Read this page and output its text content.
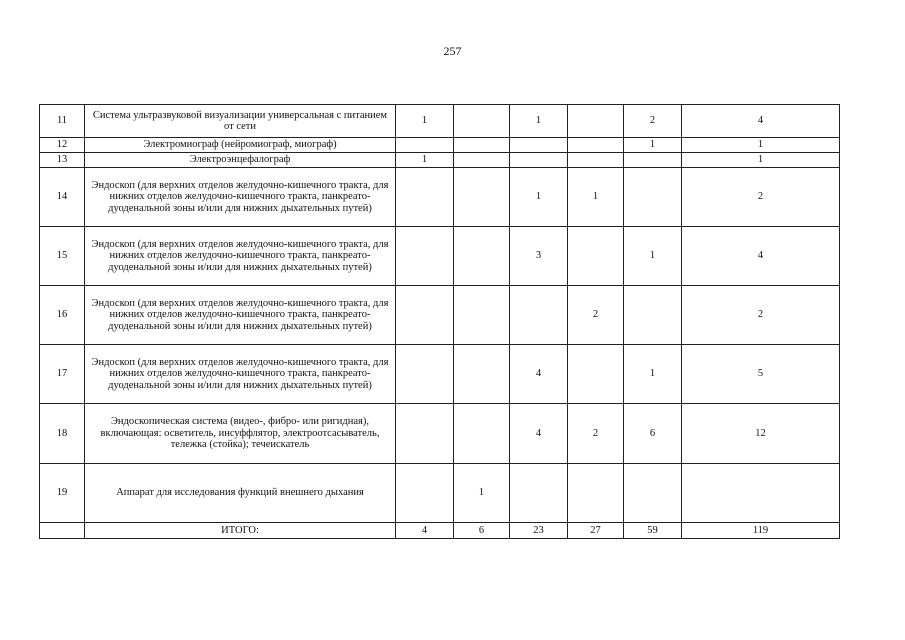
257
11	Система ультразвуковой визуализации универсальная с питанием от сети	1		1		2	4
12	Электромиограф (нейромиограф, миограф)					1	1
13	Электроэнцефалограф	1					1
14	Эндоскоп (для верхних отделов желудочно-кишечного тракта, для нижних отделов желудочно-кишечного тракта, панкреато-дуоденальной зоны и/или для нижних дыхательных путей)			1	1		2
15	Эндоскоп (для верхних отделов желудочно-кишечного тракта, для нижних отделов желудочно-кишечного тракта, панкреато-дуоденальной зоны и/или для нижних дыхательных путей)			3		1	4
16	Эндоскоп (для верхних отделов желудочно-кишечного тракта, для нижних отделов желудочно-кишечного тракта, панкреато-дуоденальной зоны и/или для нижних дыхательных путей)				2		2
17	Эндоскоп (для верхних отделов желудочно-кишечного тракта, для нижних отделов желудочно-кишечного тракта, панкреато-дуоденальной зоны и/или для нижних дыхательных путей)			4		1	5
18	Эндоскопическая система (видео-, фибро- или ригидная), включающая: осветитель, инсуффлятор, электроотсасыватель, тележка (стойка); течеискатель			4	2	6	12
19	Аппарат для исследования функций внешнего дыхания		1				
	ИТОГО:	4	6	23	27	59	119
